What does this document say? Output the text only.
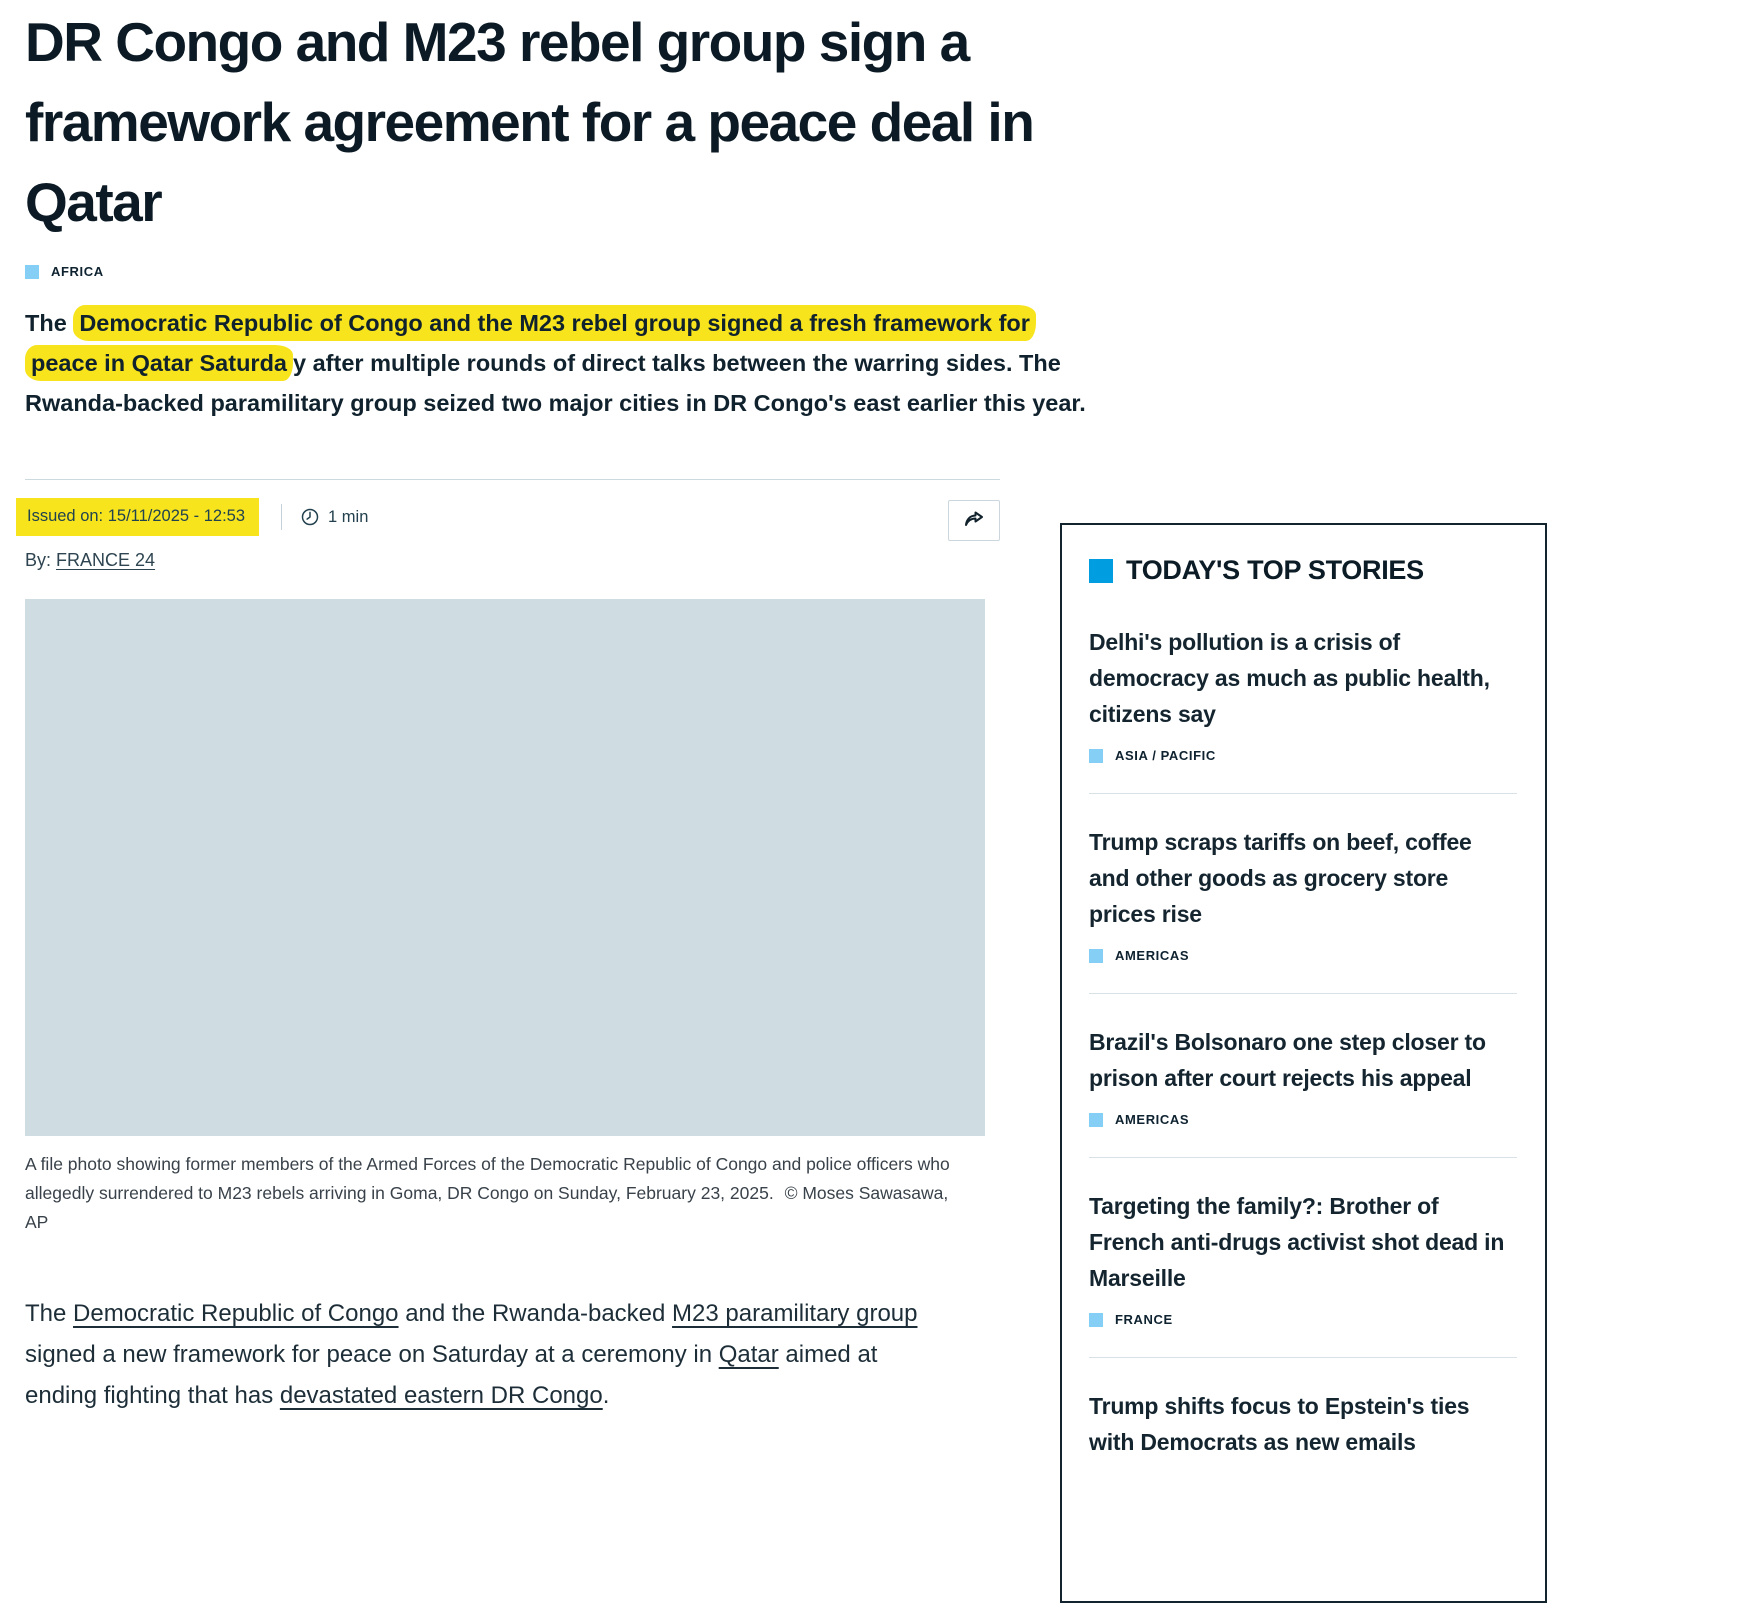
DR Congo and M23 rebel group sign a framework agreement for a peace deal in Qatar
AFRICA

The Democratic Republic of Congo and the M23 rebel group signed a fresh framework for peace in Qatar Saturda y after multiple rounds of direct talks between the warring sides. The Rwanda-backed paramilitary group seized two major cities in DR Congo's east earlier this year.

Issued on: 15/11/2025 - 12:53	1 min
By: FRANCE 24
A file photo showing former members of the Armed Forces of the Democratic Republic of Congo and police officers who allegedly surrendered to M23 rebels arriving in Goma, DR Congo on Sunday, February 23, 2025. © Moses Sawasawa, AP

The Democratic Republic of Congo and the Rwanda-backed M23 paramilitary group signed a new framework for peace on Saturday at a ceremony in Qatar aimed at ending fighting that has devastated eastern DR Congo.

TODAY'S TOP STORIES
Delhi's pollution is a crisis of democracy as much as public health, citizens say
ASIA / PACIFIC
Trump scraps tariffs on beef, coffee and other goods as grocery store prices rise
AMERICAS
Brazil's Bolsonaro one step closer to prison after court rejects his appeal
AMERICAS
Targeting the family?: Brother of French anti-drugs activist shot dead in Marseille
FRANCE
Trump shifts focus to Epstein's ties with Democrats as new emails
